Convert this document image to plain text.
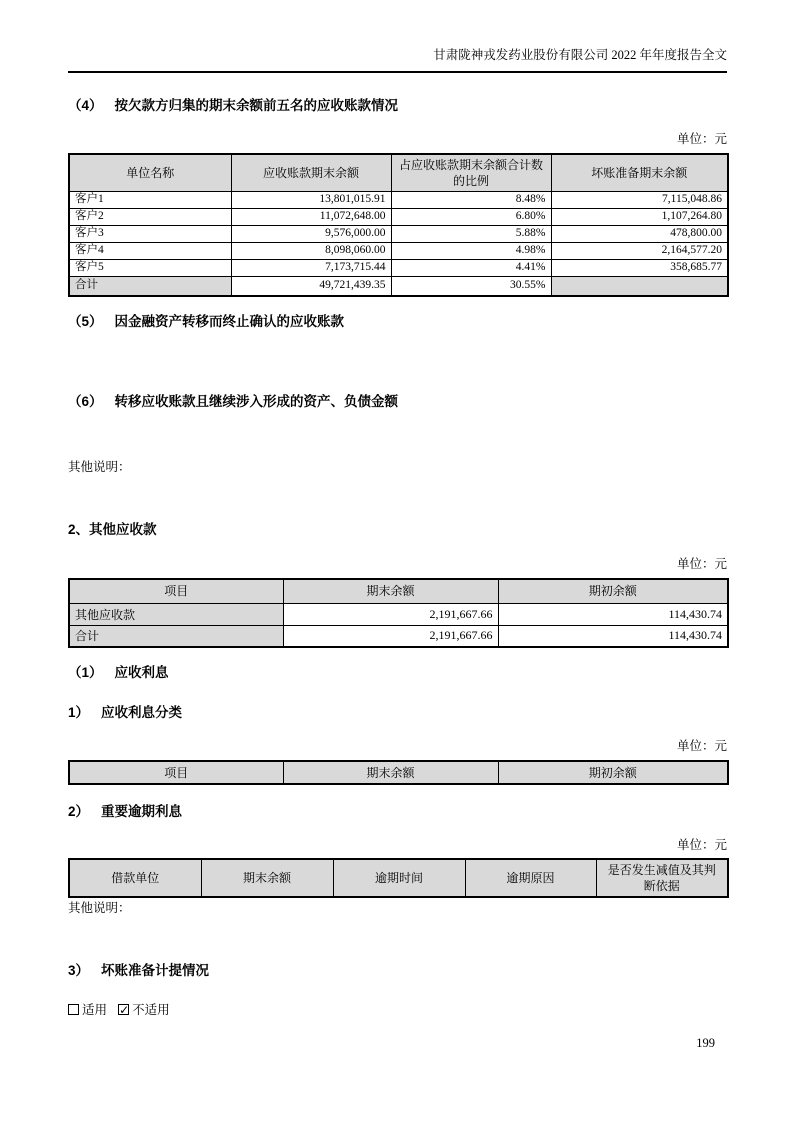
甘肃陇神戎发药业股份有限公司 2022 年年度报告全文
（4） 按欠款方归集的期末余额前五名的应收账款情况
单位：元
单位名称	应收账款期末余额	占应收账款期末余额合计数的比例	坏账准备期末余额
客户1	13,801,015.91	8.48%	7,115,048.86
客户2	11,072,648.00	6.80%	1,107,264.80
客户3	9,576,000.00	5.88%	478,800.00
客户4	8,098,060.00	4.98%	2,164,577.20
客户5	7,173,715.44	4.41%	358,685.77
合计	49,721,439.35	30.55%	
（5） 因金融资产转移而终止确认的应收账款
（6） 转移应收账款且继续涉入形成的资产、负债金额
其他说明：
2、其他应收款
单位：元
项目	期末余额	期初余额
其他应收款	2,191,667.66	114,430.74
合计	2,191,667.66	114,430.74
（1） 应收利息
1） 应收利息分类
单位：元
项目	期末余额	期初余额
2） 重要逾期利息
单位：元
借款单位	期末余额	逾期时间	逾期原因	是否发生减值及其判断依据
其他说明：
3） 坏账准备计提情况
适用 ✓ 不适用
199
